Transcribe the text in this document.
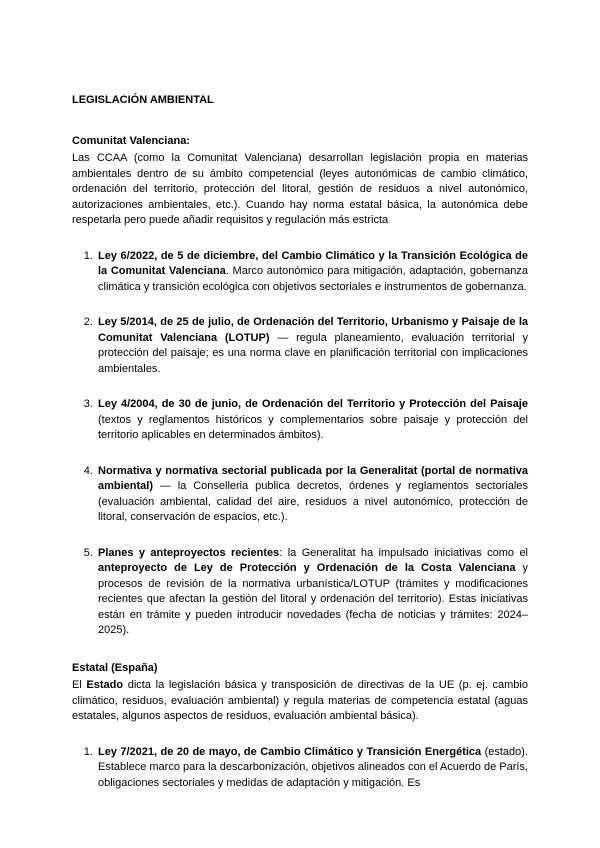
LEGISLACIÓN AMBIENTAL
Comunitat Valenciana:

Las CCAA (como la Comunitat Valenciana) desarrollan legislación propia en materias ambientales dentro de su ámbito competencial (leyes autonómicas de cambio climático, ordenación del territorio, protección del litoral, gestión de residuos a nivel autonómico, autorizaciones ambientales, etc.). Cuando hay norma estatal básica, la autonómica debe respetarla pero puede añadir requisitos y regulación más estricta

1. Ley 6/2022, de 5 de diciembre, del Cambio Climático y la Transición Ecológica de la Comunitat Valenciana. Marco autonómico para mitigación, adaptación, gobernanza climática y transición ecológica con objetivos sectoriales e instrumentos de gobernanza.
2. Ley 5/2014, de 25 de julio, de Ordenación del Territorio, Urbanismo y Paisaje de la Comunitat Valenciana (LOTUP) — regula planeamiento, evaluación territorial y protección del paisaje; es una norma clave en planificación territorial con implicaciones ambientales.
3. Ley 4/2004, de 30 de junio, de Ordenación del Territorio y Protección del Paisaje (textos y reglamentos históricos y complementarios sobre paisaje y protección del territorio aplicables en determinados ámbitos).
4. Normativa y normativa sectorial publicada por la Generalitat (portal de normativa ambiental) — la Conselleria publica decretos, órdenes y reglamentos sectoriales (evaluación ambiental, calidad del aire, residuos a nivel autonómico, protección de litoral, conservación de espacios, etc.).
5. Planes y anteproyectos recientes: la Generalitat ha impulsado iniciativas como el anteproyecto de Ley de Protección y Ordenación de la Costa Valenciana y procesos de revisión de la normativa urbanística/LOTUP (trámites y modificaciones recientes que afectan la gestión del litoral y ordenación del territorio). Estas iniciativas están en trámite y pueden introducir novedades (fecha de noticias y trámites: 2024–2025).
Estatal (España)

El Estado dicta la legislación básica y transposición de directivas de la UE (p. ej. cambio climático, residuos, evaluación ambiental) y regula materias de competencia estatal (aguas estatales, algunos aspectos de residuos, evaluación ambiental básica).

1. Ley 7/2021, de 20 de mayo, de Cambio Climático y Transición Energética (estado). Establece marco para la descarbonización, objetivos alineados con el Acuerdo de París, obligaciones sectoriales y medidas de adaptación y mitigación. Es
